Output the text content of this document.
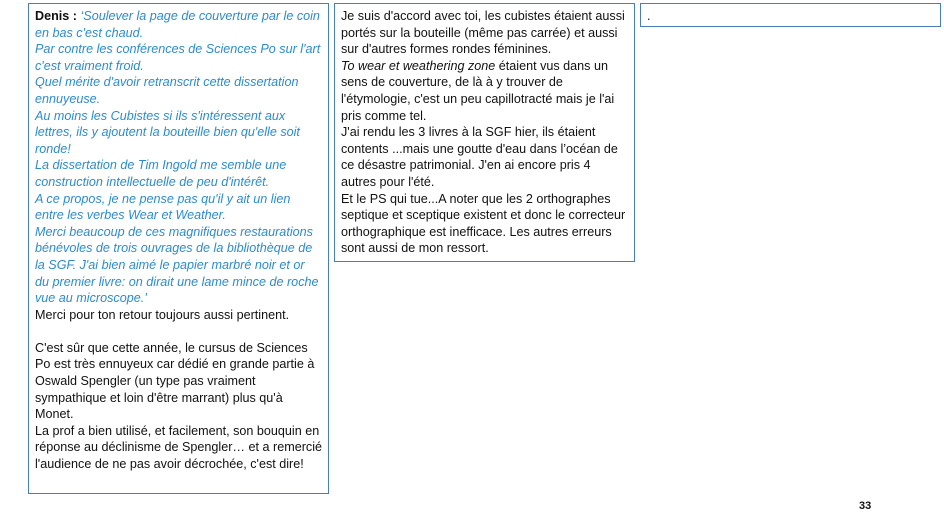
Denis : ‘Soulever la page de couverture par le coin en bas c'est chaud.

Par contre les conférences de Sciences Po sur l'art c'est vraiment froid.

Quel mérite d'avoir retranscrit cette dissertation ennuyeuse.

Au moins les Cubistes si ils s'intéressent aux lettres, ils y ajoutent la bouteille bien qu'elle soit ronde!

La dissertation de Tim Ingold me semble une construction intellectuelle de peu d'intérêt.

A ce propos, je ne pense pas qu'il y ait un lien entre les verbes Wear et Weather.

Merci beaucoup de ces magnifiques restaurations bénévoles de trois ouvrages de la bibliothèque de la SGF. J'ai bien aimé le papier marbré noir et or du premier livre: on dirait une lame mince de roche vue au microscope.’

Merci pour ton retour toujours aussi pertinent.

C'est sûr que cette année, le cursus de Sciences Po est très ennuyeux car dédié en grande partie à Oswald Spengler (un type pas vraiment sympathique et loin d'être marrant) plus qu'à Monet.

La prof a bien utilisé, et facilement, son bouquin en réponse au déclinisme de Spengler… et a remercié l'audience de ne pas avoir décrochée, c'est dire!

Je suis d'accord avec toi, les cubistes étaient aussi portés sur la bouteille (même pas carrée) et aussi sur d'autres formes rondes féminines.

To wear et weathering zone étaient vus dans un sens de couverture, de là à y trouver de l'étymologie, c'est un peu capillotracté mais je l'ai pris comme tel.

J'ai rendu les 3 livres à la SGF hier, ils étaient contents ...mais une goutte d'eau dans l’océan de ce désastre patrimonial. J'en ai encore pris 4 autres pour l'été.

Et le PS qui tue...A noter que les 2 orthographes septique et sceptique existent et donc le correcteur orthographique est inefficace. Les autres erreurs sont aussi de mon ressort.

.

33
